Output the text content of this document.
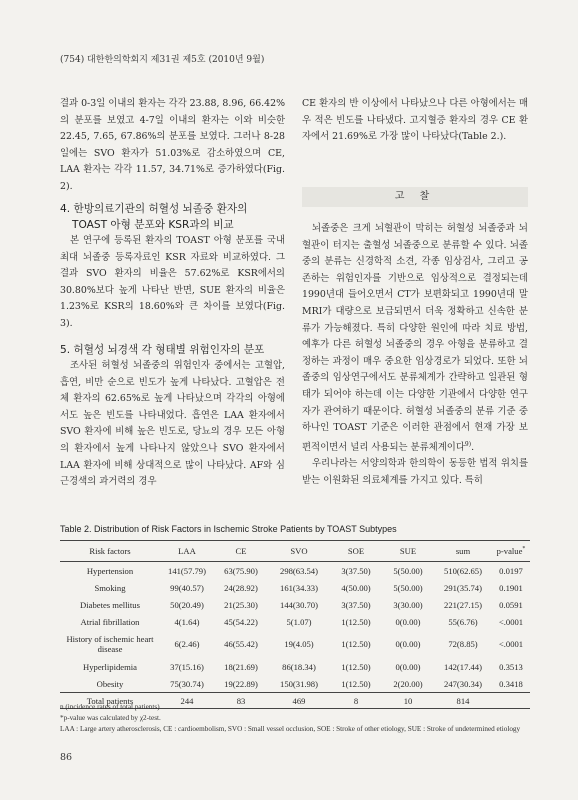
(754) 대한한의학회지 제31권 제5호 (2010년 9월)

결과 0-3일 이내의 환자는 각각 23.88, 8.96, 66.42%의 분포를 보였고 4-7일 이내의 환자는 이와 비슷한 22.45, 7.65, 67.86%의 분포를 보였다. 그러나 8-28일에는 SVO 환자가 51.03%로 감소하였으며 CE, LAA 환자는 각각 11.57, 34.71%로 증가하였다(Fig. 2).

4. 한방의료기관의 허혈성 뇌졸중 환자의

TOAST 아형 분포와 KSR과의 비교

본 연구에 등록된 환자의 TOAST 아형 분포를 국내 최대 뇌졸중 등록자료인 KSR 자료와 비교하였다. 그 결과 SVO 환자의 비율은 57.62%로 KSR에서의 30.80%보다 높게 나타난 반면, SUE 환자의 비율은 1.23%로 KSR의 18.60%와 큰 차이를 보였다(Fig. 3).

5. 허혈성 뇌경색 각 형태별 위험인자의 분포

조사된 허혈성 뇌졸중의 위험인자 중에서는 고혈압, 흡연, 비만 순으로 빈도가 높게 나타났다. 고혈압은 전체 환자의 62.65%로 높게 나타났으며 각각의 아형에서도 높은 빈도를 나타내었다. 흡연은 LAA 환자에서 SVO 환자에 비해 높은 빈도로, 당뇨의 경우 모든 아형의 환자에서 높게 나타나지 않았으나 SVO 환자에서 LAA 환자에 비해 상대적으로 많이 나타났다. AF와 심근경색의 과거력의 경우

CE 환자의 반 이상에서 나타났으나 다른 아형에서는 매우 적은 빈도를 나타냈다. 고지혈증 환자의 경우 CE 환자에서 21.69%로 가장 많이 나타났다(Table 2.).

고 찰

뇌졸중은 크게 뇌혈관이 막히는 허혈성 뇌졸중과 뇌혈관이 터지는 출혈성 뇌졸중으로 분류할 수 있다. 뇌졸중의 분류는 신경학적 소견, 각종 임상검사, 그리고 공존하는 위험인자를 기반으로 임상적으로 결정되는데 1990년대 들어오면서 CT가 보편화되고 1990년대 말 MRI가 대량으로 보급되면서 더욱 정확하고 신속한 분류가 가능해졌다. 특히 다양한 원인에 따라 치료 방법, 예후가 다른 허혈성 뇌졸중의 경우 아형을 분류하고 결정하는 과정이 매우 중요한 임상경로가 되었다. 또한 뇌졸중의 임상연구에서도 분류체계가 간략하고 일관된 형태가 되어야 하는데 이는 다양한 기관에서 다양한 연구자가 관여하기 때문이다. 허혈성 뇌졸중의 분류 기준 중 하나인 TOAST 기준은 이러한 관점에서 현재 가장 보편적이면서 널리 사용되는 분류체계이다$^{9)}$.

우리나라는 서양의학과 한의학이 동등한 법적 위치를 받는 이원화된 의료체계를 가지고 있다. 특히

Table 2. Distribution of Risk Factors in Ischemic Stroke Patients by TOAST Subtypes
Risk factors	LAA	CE	SVO	SOE	SUE	sum	p-value*
Hypertension	141(57.79)	63(75.90)	298(63.54)	3(37.50)	5(50.00)	510(62.65)	0.0197
Smoking	99(40.57)	24(28.92)	161(34.33)	4(50.00)	5(50.00)	291(35.74)	0.1901
Diabetes mellitus	50(20.49)	21(25.30)	144(30.70)	3(37.50)	3(30.00)	221(27.15)	0.0591
Atrial fibrillation	4(1.64)	45(54.22)	5(1.07)	1(12.50)	0(0.00)	55(6.76)	<.0001
History of ischemic heart disease	6(2.46)	46(55.42)	19(4.05)	1(12.50)	0(0.00)	72(8.85)	<.0001
Hyperlipidemia	37(15.16)	18(21.69)	86(18.34)	1(12.50)	0(0.00)	142(17.44)	0.3513
Obesity	75(30.74)	19(22.89)	150(31.98)	1(12.50)	2(20.00)	247(30.34)	0.3418
Total patients	244	83	469	8	10	814	
n (incidence rates of total patients)
*p-value was calculated by χ2-test.
LAA : Large artery atherosclerosis, CE : cardioembolism, SVO : Small vessel occlusion, SOE : Stroke of other etiology, SUE : Stroke of undetermined etiology
86
